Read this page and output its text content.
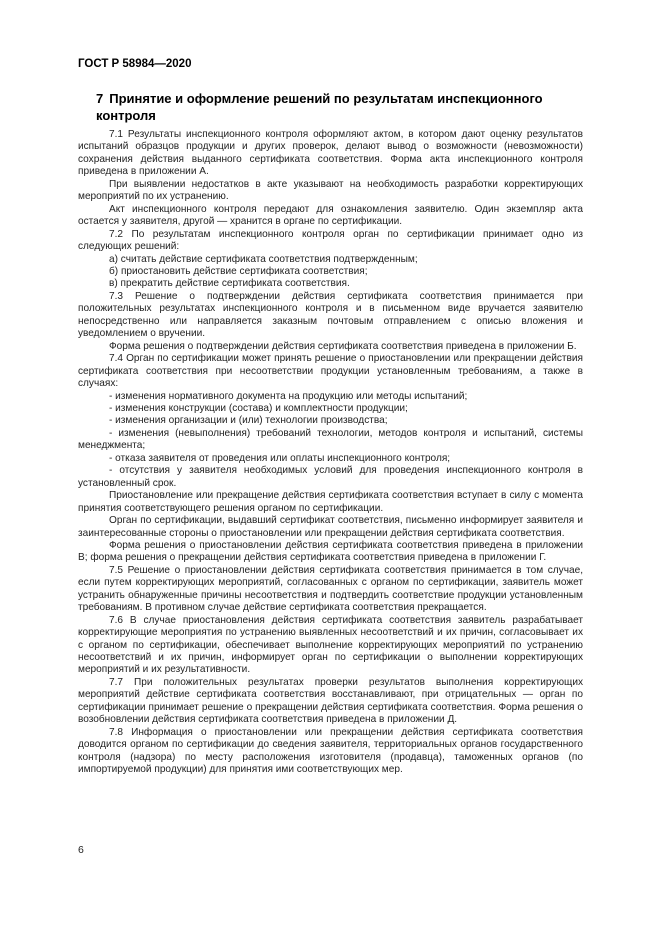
ГОСТ Р 58984—2020
7 Принятие и оформление решений по результатам инспекционного контроля

7.1 Результаты инспекционного контроля оформляют актом, в котором дают оценку результатов испытаний образцов продукции и других проверок, делают вывод о возможности (невозможности) сохранения действия выданного сертификата соответствия. Форма акта инспекционного контроля приведена в приложении А.

При выявлении недостатков в акте указывают на необходимость разработки корректирующих мероприятий по их устранению.

Акт инспекционного контроля передают для ознакомления заявителю. Один экземпляр акта остается у заявителя, другой — хранится в органе по сертификации.

7.2 По результатам инспекционного контроля орган по сертификации принимает одно из следующих решений:

а) считать действие сертификата соответствия подтвержденным;

б) приостановить действие сертификата соответствия;

в) прекратить действие сертификата соответствия.

7.3 Решение о подтверждении действия сертификата соответствия принимается при положительных результатах инспекционного контроля и в письменном виде вручается заявителю непосредственно или направляется заказным почтовым отправлением с описью вложения и уведомлением о вручении.

Форма решения о подтверждении действия сертификата соответствия приведена в приложении Б.

7.4 Орган по сертификации может принять решение о приостановлении или прекращении действия сертификата соответствия при несоответствии продукции установленным требованиям, а также в случаях:

- изменения нормативного документа на продукцию или методы испытаний;

- изменения конструкции (состава) и комплектности продукции;

- изменения организации и (или) технологии производства;

- изменения (невыполнения) требований технологии, методов контроля и испытаний, системы менеджмента;

- отказа заявителя от проведения или оплаты инспекционного контроля;

- отсутствия у заявителя необходимых условий для проведения инспекционного контроля в установленный срок.

Приостановление или прекращение действия сертификата соответствия вступает в силу с момента принятия соответствующего решения органом по сертификации.

Орган по сертификации, выдавший сертификат соответствия, письменно информирует заявителя и заинтересованные стороны о приостановлении или прекращении действия сертификата соответствия.

Форма решения о приостановлении действия сертификата соответствия приведена в приложении В; форма решения о прекращении действия сертификата соответствия приведена в приложении Г.

7.5 Решение о приостановлении действия сертификата соответствия принимается в том случае, если путем корректирующих мероприятий, согласованных с органом по сертификации, заявитель может устранить обнаруженные причины несоответствия и подтвердить соответствие продукции установленным требованиям. В противном случае действие сертификата соответствия прекращается.

7.6 В случае приостановления действия сертификата соответствия заявитель разрабатывает корректирующие мероприятия по устранению выявленных несоответствий и их причин, согласовывает их с органом по сертификации, обеспечивает выполнение корректирующих мероприятий по устранению несоответствий и их причин, информирует орган по сертификации о выполнении корректирующих мероприятий и их результативности.

7.7 При положительных результатах проверки результатов выполнения корректирующих мероприятий действие сертификата соответствия восстанавливают, при отрицательных — орган по сертификации принимает решение о прекращении действия сертификата соответствия. Форма решения о возобновлении действия сертификата соответствия приведена в приложении Д.

7.8 Информация о приостановлении или прекращении действия сертификата соответствия доводится органом по сертификации до сведения заявителя, территориальных органов государственного контроля (надзора) по месту расположения изготовителя (продавца), таможенных органов (по импортируемой продукции) для принятия ими соответствующих мер.

6
